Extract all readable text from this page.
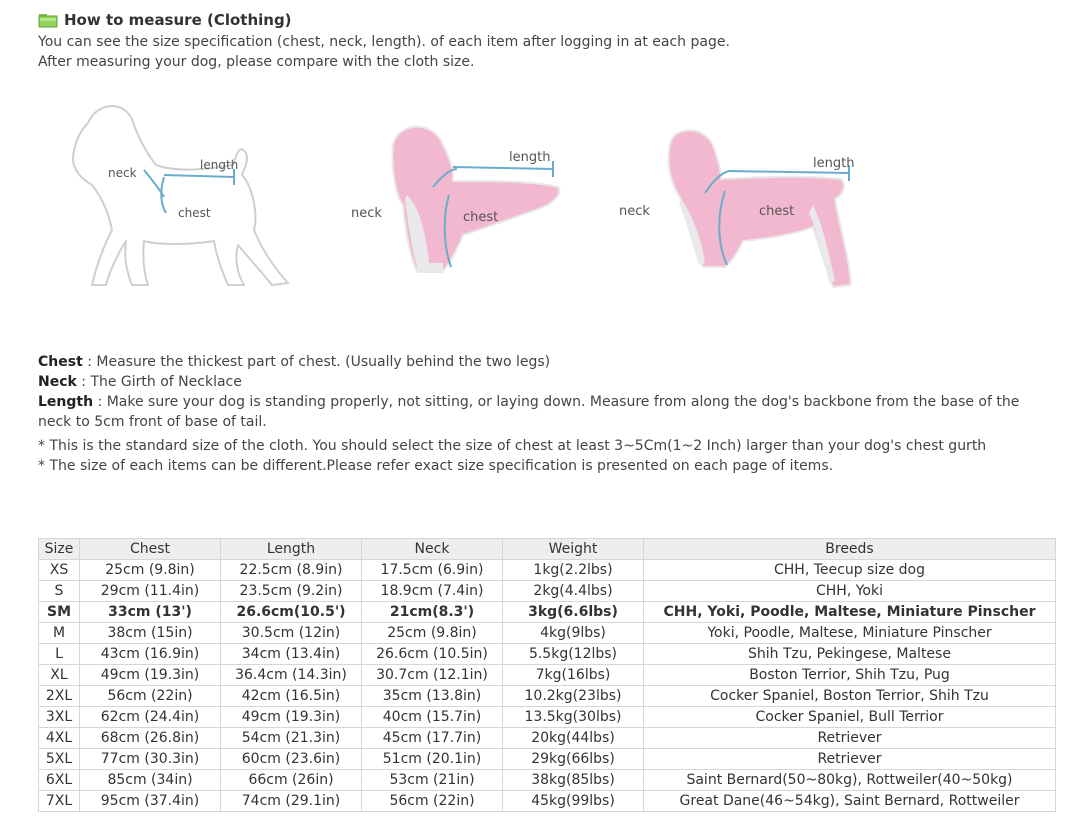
How to measure (Clothing)

You can see the size specification (chest, neck, length). of each item after logging in at each page.

After measuring your dog, please compare with the cloth size.

neck
length
chest	neck
length
chest	neck
length
chest

Chest : Measure the thickest part of chest. (Usually behind the two legs)

Neck : The Girth of Necklace

Length : Make sure your dog is standing properly, not sitting, or laying down. Measure from along the dog's backbone from the base of the neck to 5cm front of base of tail.

* This is the standard size of the cloth. You should select the size of chest at least 3~5Cm(1~2 Inch) larger than your dog's chest gurth

* The size of each items can be different.Please refer exact size specification is presented on each page of items.

Size	Chest	Length	Neck	Weight	Breeds
XS	25cm (9.8in)	22.5cm (8.9in)	17.5cm (6.9in)	1kg(2.2lbs)	CHH, Teecup size dog
S	29cm (11.4in)	23.5cm (9.2in)	18.9cm (7.4in)	2kg(4.4lbs)	CHH, Yoki
SM	33cm (13')	26.6cm(10.5')	21cm(8.3')	3kg(6.6lbs)	CHH, Yoki, Poodle, Maltese, Miniature Pinscher
M	38cm (15in)	30.5cm (12in)	25cm (9.8in)	4kg(9lbs)	Yoki, Poodle, Maltese, Miniature Pinscher
L	43cm (16.9in)	34cm (13.4in)	26.6cm (10.5in)	5.5kg(12lbs)	Shih Tzu, Pekingese, Maltese
XL	49cm (19.3in)	36.4cm (14.3in)	30.7cm (12.1in)	7kg(16lbs)	Boston Terrior, Shih Tzu, Pug
2XL	56cm (22in)	42cm (16.5in)	35cm (13.8in)	10.2kg(23lbs)	Cocker Spaniel, Boston Terrior, Shih Tzu
3XL	62cm (24.4in)	49cm (19.3in)	40cm (15.7in)	13.5kg(30lbs)	Cocker Spaniel, Bull Terrior
4XL	68cm (26.8in)	54cm (21.3in)	45cm (17.7in)	20kg(44lbs)	Retriever
5XL	77cm (30.3in)	60cm (23.6in)	51cm (20.1in)	29kg(66lbs)	Retriever
6XL	85cm (34in)	66cm (26in)	53cm (21in)	38kg(85lbs)	Saint Bernard(50~80kg), Rottweiler(40~50kg)
7XL	95cm (37.4in)	74cm (29.1in)	56cm (22in)	45kg(99lbs)	Great Dane(46~54kg), Saint Bernard, Rottweiler
